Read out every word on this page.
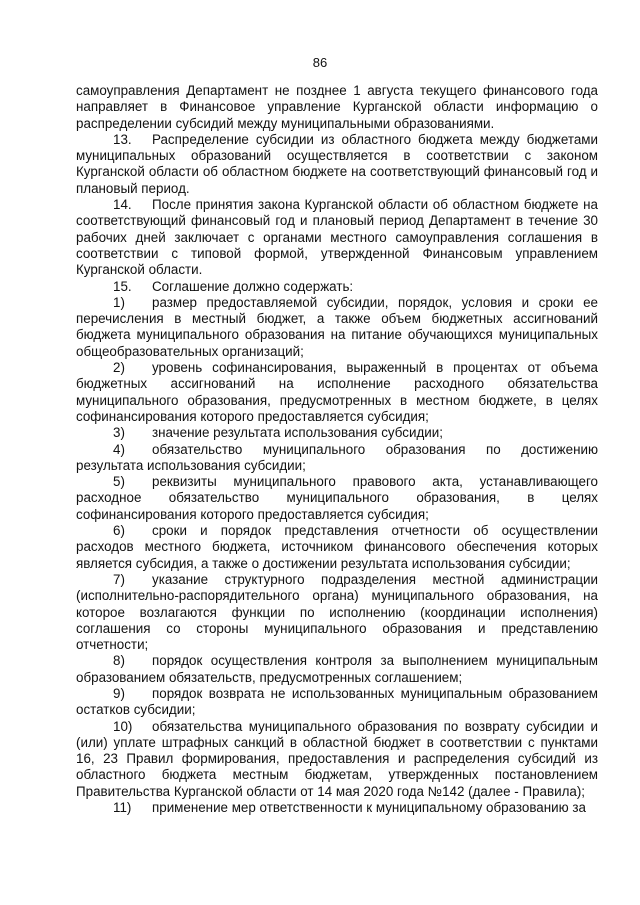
86

самоуправления Департамент не позднее 1 августа текущего финансового года направляет в Финансовое управление Курганской области информацию о распределении субсидий между муниципальными образованиями.

13. Распределение субсидии из областного бюджета между бюджетами муниципальных образований осуществляется в соответствии с законом Курганской области об областном бюджете на соответствующий финансовый год и плановый период.

14. После принятия закона Курганской области об областном бюджете на соответствующий финансовый год и плановый период Департамент в течение 30 рабочих дней заключает с органами местного самоуправления соглашения в соответствии с типовой формой, утвержденной Финансовым управлением Курганской области.

15. Соглашение должно содержать:

1) размер предоставляемой субсидии, порядок, условия и сроки ее перечисления в местный бюджет, а также объем бюджетных ассигнований бюджета муниципального образования на питание обучающихся муниципальных общеобразовательных организаций;

2) уровень софинансирования, выраженный в процентах от объема бюджетных ассигнований на исполнение расходного обязательства муниципального образования, предусмотренных в местном бюджете, в целях софинансирования которого предоставляется субсидия;

3) значение результата использования субсидии;

4) обязательство муниципального образования по достижению результата использования субсидии;

5) реквизиты муниципального правового акта, устанавливающего расходное обязательство муниципального образования, в целях софинансирования которого предоставляется субсидия;

6) сроки и порядок представления отчетности об осуществлении расходов местного бюджета, источником финансового обеспечения которых является субсидия, а также о достижении результата использования субсидии;

7) указание структурного подразделения местной администрации (исполнительно-распорядительного органа) муниципального образования, на которое возлагаются функции по исполнению (координации исполнения) соглашения со стороны муниципального образования и представлению отчетности;

8) порядок осуществления контроля за выполнением муниципальным образованием обязательств, предусмотренных соглашением;

9) порядок возврата не использованных муниципальным образованием остатков субсидии;

10) обязательства муниципального образования по возврату субсидии и (или) уплате штрафных санкций в областной бюджет в соответствии с пунктами 16, 23 Правил формирования, предоставления и распределения субсидий из областного бюджета местным бюджетам, утвержденных постановлением Правительства Курганской области от 14 мая 2020 года №142 (далее - Правила);

11) применение мер ответственности к муниципальному образованию за
